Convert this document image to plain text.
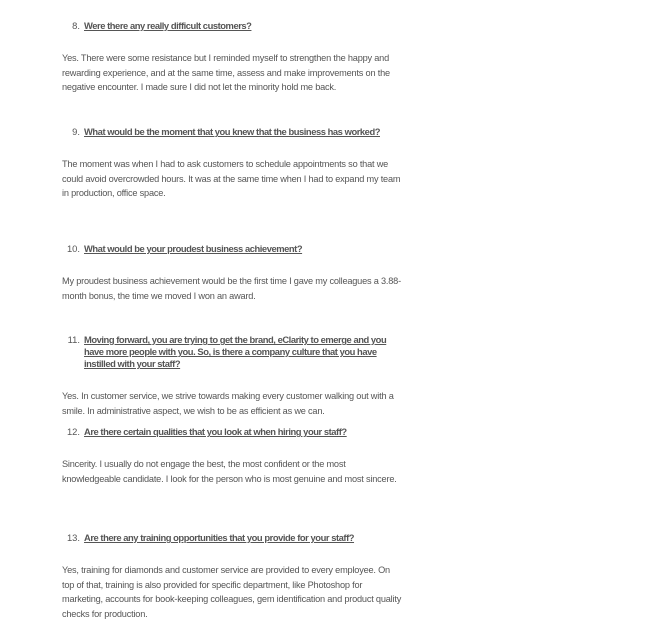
8. Were there any really difficult customers?

Yes. There were some resistance but I reminded myself to strengthen the happy and rewarding experience, and at the same time, assess and make improvements on the negative encounter. I made sure I did not let the minority hold me back.

9. What would be the moment that you knew that the business has worked?

The moment was when I had to ask customers to schedule appointments so that we could avoid overcrowded hours. It was at the same time when I had to expand my team in production, office space.

10. What would be your proudest business achievement?

My proudest business achievement would be the first time I gave my colleagues a 3.88-month bonus, the time we moved I won an award.

11. Moving forward, you are trying to get the brand, eClarity to emerge and you have more people with you. So, is there a company culture that you have instilled with your staff?

Yes. In customer service, we strive towards making every customer walking out with a smile. In administrative aspect, we wish to be as efficient as we can.

12. Are there certain qualities that you look at when hiring your staff?

Sincerity. I usually do not engage the best, the most confident or the most knowledgeable candidate. I look for the person who is most genuine and most sincere.

13. Are there any training opportunities that you provide for your staff?

Yes, training for diamonds and customer service are provided to every employee. On top of that, training is also provided for specific department, like Photoshop for marketing, accounts for book-keeping colleagues, gem identification and product quality checks for production.
